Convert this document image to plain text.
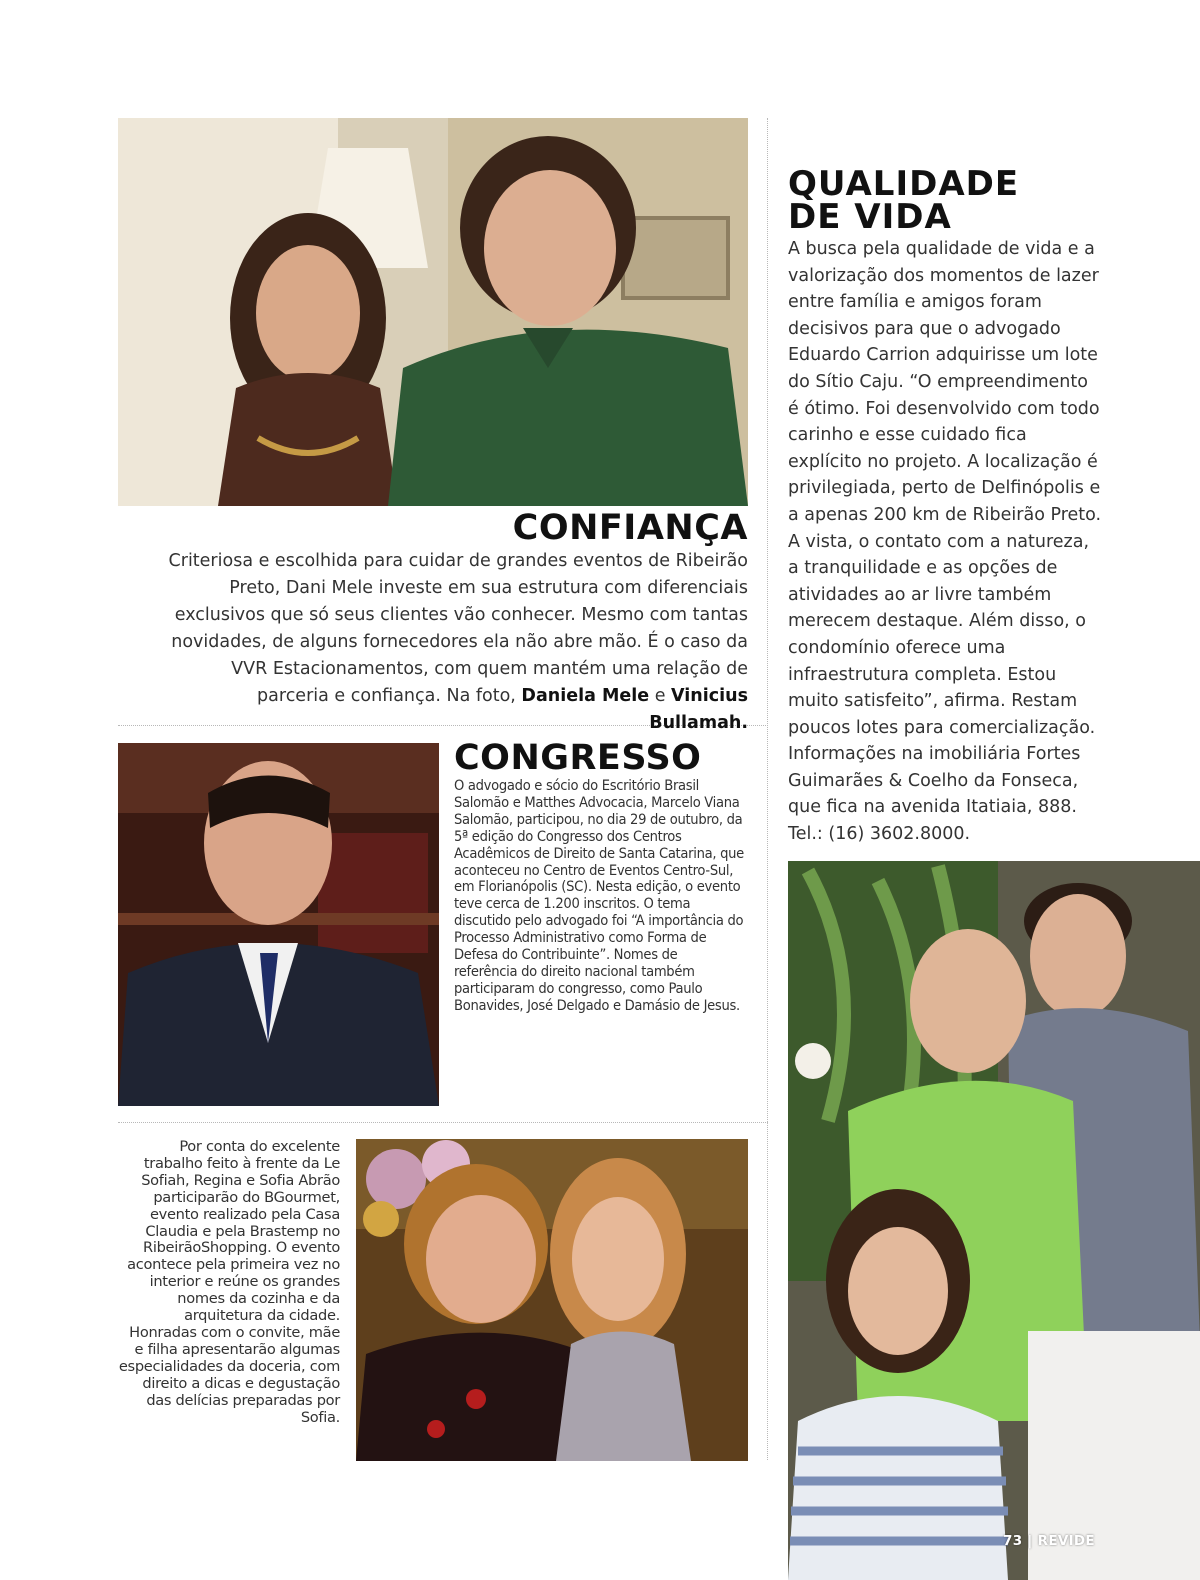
CONFIANÇA

Criteriosa e escolhida para cuidar de grandes eventos de Ribeirão Preto, Dani Mele investe em sua estrutura com diferenciais exclusivos que só seus clientes vão conhecer. Mesmo com tantas novidades, de alguns fornecedores ela não abre mão. É o caso da VVR Estacionamentos, com quem mantém uma relação de parceria e confiança. Na foto, Daniela Mele e Vinicius Bullamah.

QUALIDADE
DE VIDA

A busca pela qualidade de vida e a valorização dos momentos de lazer entre família e amigos foram decisivos para que o advogado Eduardo Carrion adquirisse um lote do Sítio Caju. “O empreendimento é ótimo. Foi desenvolvido com todo carinho e esse cuidado fica explícito no projeto. A localização é privilegiada, perto de Delfinópolis e a apenas 200 km de Ribeirão Preto. A vista, o contato com a natureza, a tranquilidade e as opções de atividades ao ar livre também merecem destaque. Além disso, o condomínio oferece uma infraestrutura completa. Estou muito satisfeito”, afirma. Restam poucos lotes para comercialização. Informações na imobiliária Fortes Guimarães & Coelho da Fonseca, que fica na avenida Itatiaia, 888. Tel.: (16) 3602.8000.

CONGRESSO

O advogado e sócio do Escritório Brasil Salomão e Matthes Advocacia, Marcelo Viana Salomão, participou, no dia 29 de outubro, da 5ª edição do Congresso dos Centros Acadêmicos de Direito de Santa Catarina, que aconteceu no Centro de Eventos Centro-Sul, em Florianópolis (SC). Nesta edição, o evento teve cerca de 1.200 inscritos. O tema discutido pelo advogado foi “A importância do Processo Administrativo como Forma de Defesa do Contribuinte”. Nomes de referência do direito nacional também participaram do congresso, como Paulo Bonavides, José Delgado e Damásio de Jesus.

Por conta do excelente trabalho feito à frente da Le Sofiah, Regina e Sofia Abrão participarão do BGourmet, evento realizado pela Casa Claudia e pela Brastemp no RibeirãoShopping. O evento acontece pela primeira vez no interior e reúne os grandes nomes da cozinha e da arquitetura da cidade. Honradas com o convite, mãe e filha apresentarão algumas especialidades da doceria, com direito a dicas e degustação das delícias preparadas por Sofia.

73 | REVIDE
